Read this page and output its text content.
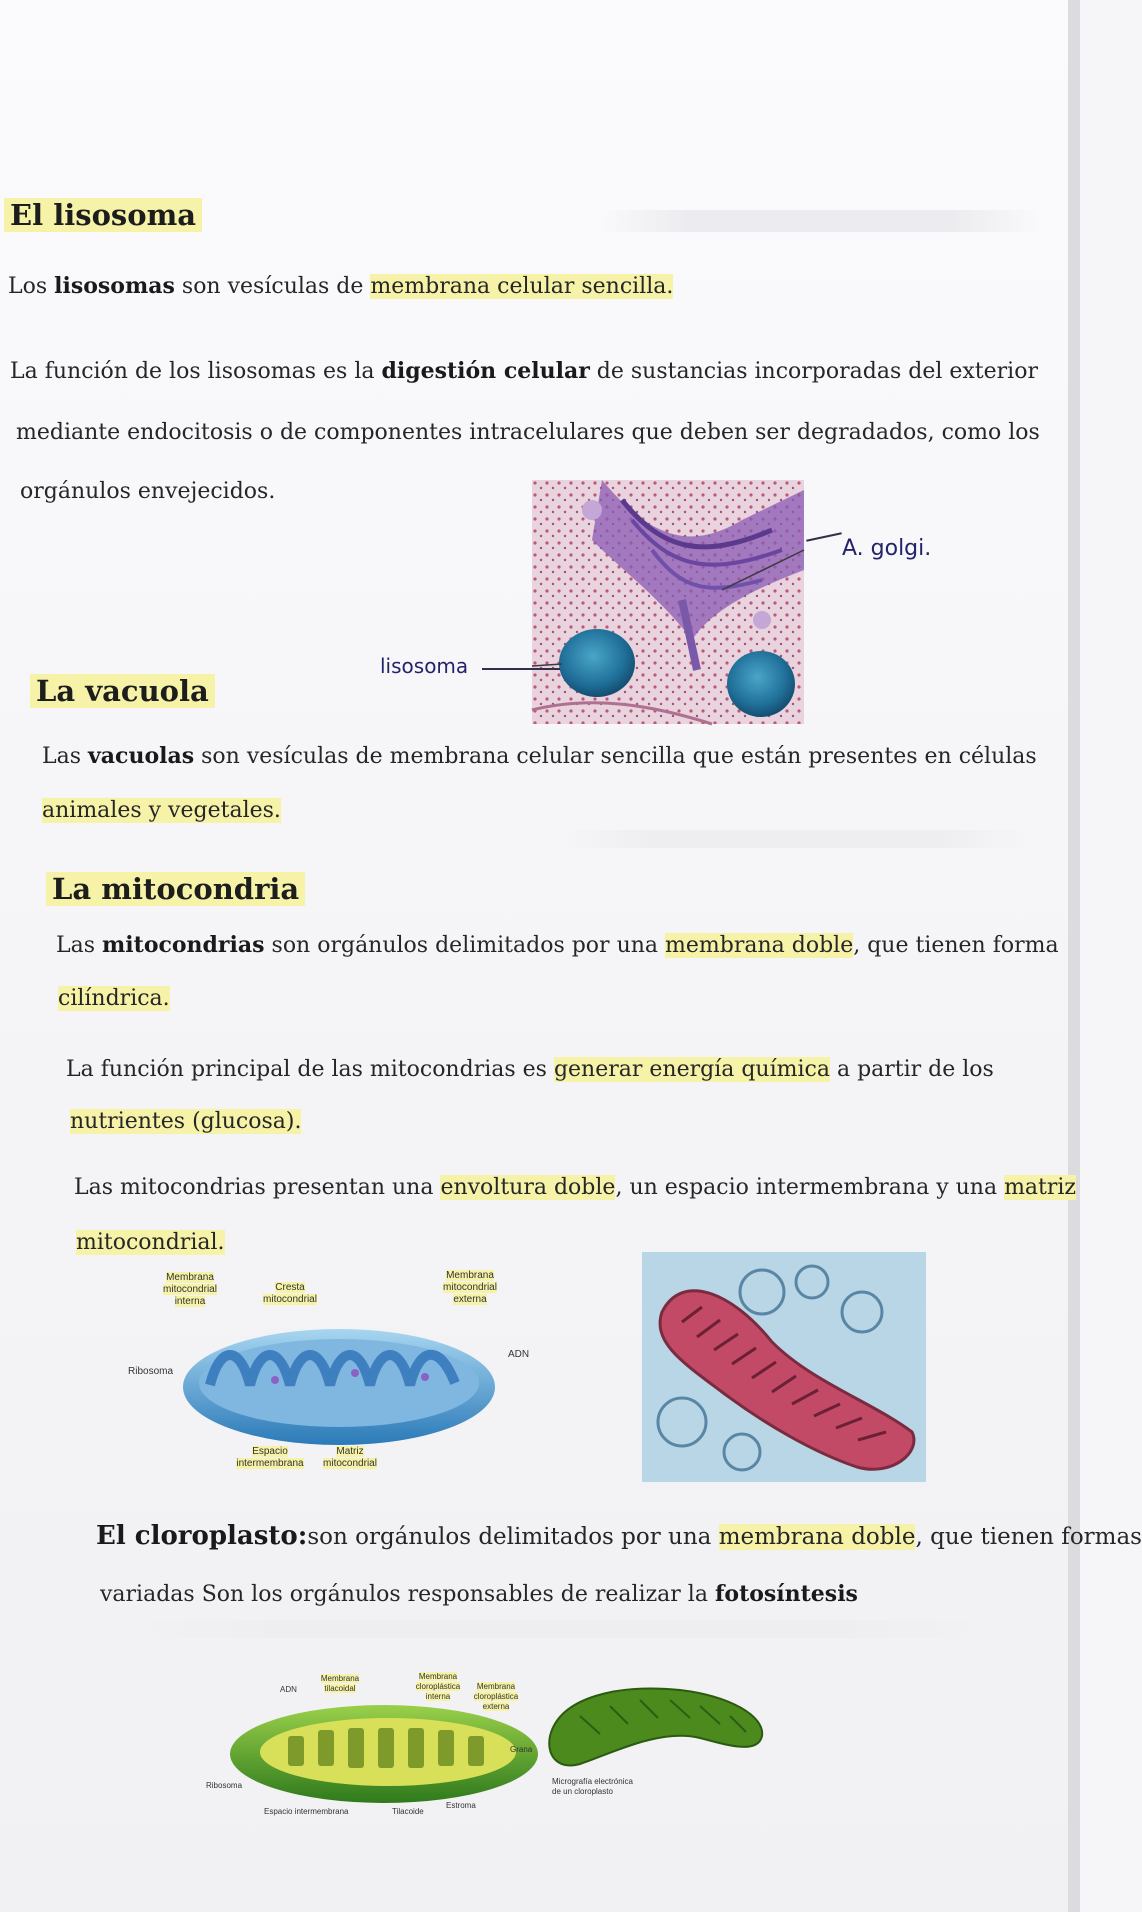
El lisosoma
Los lisosomas son vesículas de membrana celular sencilla.
La función de los lisosomas es la digestión celular de sustancias incorporadas del exterior
mediante endocitosis o de componentes intracelulares que deben ser degradados, como los
orgánulos envejecidos.
A. golgi.
lisosoma
La vacuola
Las vacuolas son vesículas de membrana celular sencilla que están presentes en células
animales y vegetales.
La mitocondria
Las mitocondrias son orgánulos delimitados por una membrana doble, que tienen forma
cilíndrica.
La función principal de las mitocondrias es generar energía química a partir de los
nutrientes (glucosa).
Las mitocondrias presentan una envoltura doble, un espacio intermembrana y una matriz
mitocondrial.
Membrana
mitocondrial
interna
Cresta
mitocondrial
Membrana
mitocondrial
externa
ADN
Ribosoma
Espacio
intermembrana
Matriz
mitocondrial
El cloroplasto:son orgánulos delimitados por una membrana doble, que tienen formas
variadas Son los orgánulos responsables de realizar la fotosíntesis
ADN
Membrana
tilacoidal
Membrana
cloroplástica
interna
Membrana
cloroplástica
externa
Grana
Ribosoma
Espacio intermembrana	Tilacoide
Estroma
Micrografía electrónica
de un cloroplasto
